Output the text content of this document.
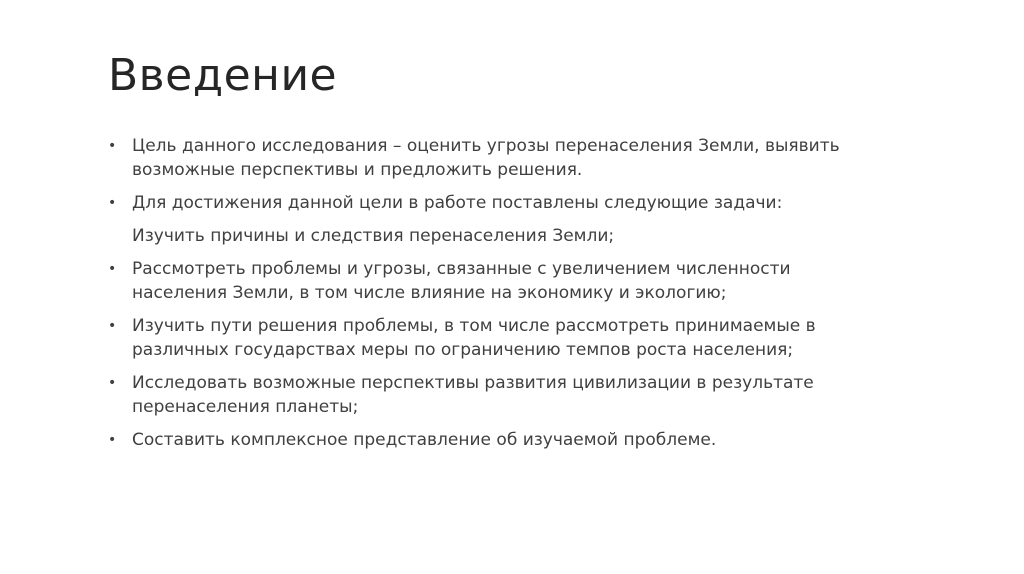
Введение
• Цель данного исследования – оценить угрозы перенаселения Земли, выявить возможные перспективы и предложить решения.
• Для достижения данной цели в работе поставлены следующие задачи:
Изучить причины и следствия перенаселения Земли;
• Рассмотреть проблемы и угрозы, связанные с увеличением численности населения Земли, в том числе влияние на экономику и экологию;
• Изучить пути решения проблемы, в том числе рассмотреть принимаемые в различных государствах меры по ограничению темпов роста населения;
• Исследовать возможные перспективы развития цивилизации в результате перенаселения планеты;
• Составить комплексное представление об изучаемой проблеме.
